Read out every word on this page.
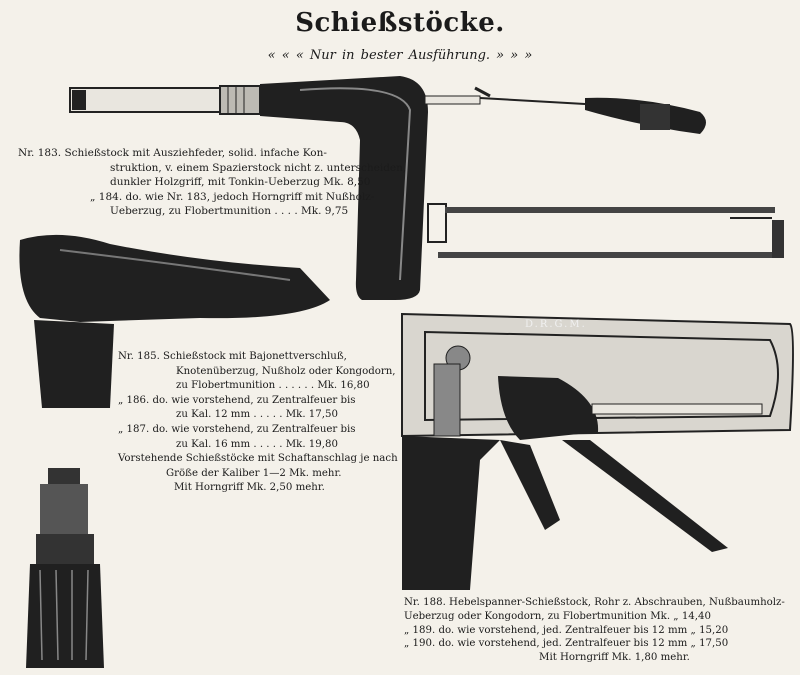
Schießstöcke.
« « « Nur in bester Ausführung. » » »
D.R.G.M.
Nr. 183. Schießstock mit Ausziehfeder, solid. infache Kon-
struktion, v. einem Spazierstock nicht z. unterscheiden,
dunkler Holzgriff, mit Tonkin-Ueberzug Mk. 8,50
„ 184. do. wie Nr. 183, jedoch Horngriff mit Nußholz-
Ueberzug, zu Flobertmunition . . . . Mk. 9,75
Nr. 185. Schießstock mit Bajonettverschluß,
Knotenüberzug, Nußholz oder Kongodorn,
zu Flobertmunition . . . . . . Mk. 16,80
„ 186. do. wie vorstehend, zu Zentralfeuer bis
zu Kal. 12 mm . . . . . Mk. 17,50
„ 187. do. wie vorstehend, zu Zentralfeuer bis
zu Kal. 16 mm . . . . . Mk. 19,80
Vorstehende Schießstöcke mit Schaftanschlag je nach
Größe der Kaliber 1—2 Mk. mehr.
Mit Horngriff Mk. 2,50 mehr.
Nr. 188. Hebelspanner-Schießstock, Rohr z. Abschrauben, Nußbaumholz-
Ueberzug oder Kongodorn, zu Flobertmunition Mk. „ 14,40
„ 189. do. wie vorstehend, jed. Zentralfeuer bis 12 mm „ 15,20
„ 190. do. wie vorstehend, jed. Zentralfeuer bis 12 mm „ 17,50
Mit Horngriff Mk. 1,80 mehr.
